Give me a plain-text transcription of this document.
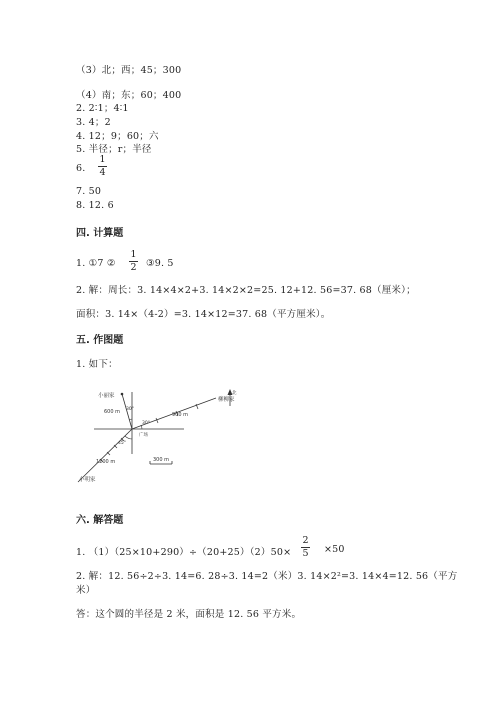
（3）北；西；45；300
（4）南；东；60；400
2. 2∶1；4∶1
3. 4；2
4. 12；9；60；六
5. 半径；r；半径
6.
1
4
7. 50
8. 12. 6
四. 计算题
1. ①7 ②
1
2 ③9. 5
2. 解：周长：3. 14×4×2+3. 14×2×2=25. 12+12. 56=37. 68（厘米）；
面积：3. 14×（4-2）=3. 14×12=37. 68（平方厘米）。
五. 作图题
1. 如下：
小丽家
600 m 30°
北
柳柳家
900 m
30°
广场
45°
1200 m	300 m
小明家
六. 解答题
1. （1）（25×10+290）÷（20+25）（2）50×
2
5 ×50
2. 解：12. 56÷2÷3. 14=6. 28÷3. 14=2（米）3. 14×2²=3. 14×4=12. 56（平方
米）
答：这个圆的半径是 2 米，面积是 12. 56 平方米。
